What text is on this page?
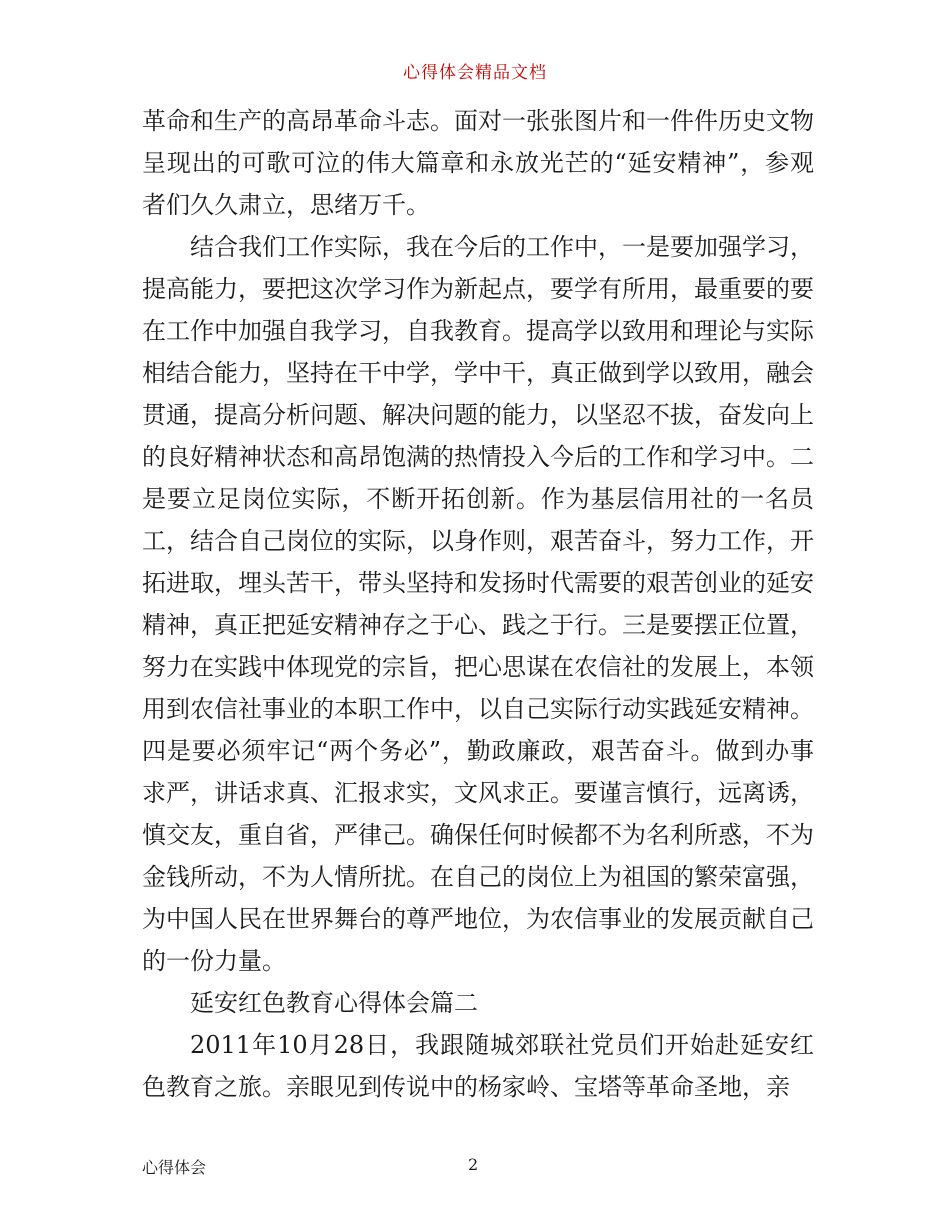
心得体会精品文档

革命和生产的高昂革命斗志。面对一张张图片和一件件历史文物呈现出的可歌可泣的伟大篇章和永放光芒的“延安精神”，参观者们久久肃立，思绪万千。

结合我们工作实际，我在今后的工作中，一是要加强学习，提高能力，要把这次学习作为新起点，要学有所用，最重要的要在工作中加强自我学习，自我教育。提高学以致用和理论与实际相结合能力，坚持在干中学，学中干，真正做到学以致用，融会贯通，提高分析问题、解决问题的能力，以坚忍不拔，奋发向上的良好精神状态和高昂饱满的热情投入今后的工作和学习中。二是要立足岗位实际，不断开拓创新。作为基层信用社的一名员工，结合自己岗位的实际，以身作则，艰苦奋斗，努力工作，开拓进取，埋头苦干，带头坚持和发扬时代需要的艰苦创业的延安精神，真正把延安精神存之于心、践之于行。三是要摆正位置，努力在实践中体现党的宗旨，把心思谋在农信社的发展上，本领用到农信社事业的本职工作中，以自己实际行动实践延安精神。四是要必须牢记“两个务必”，勤政廉政，艰苦奋斗。做到办事求严，讲话求真、汇报求实，文风求正。要谨言慎行，远离诱，慎交友，重自省，严律己。确保任何时候都不为名利所惑，不为金钱所动，不为人情所扰。在自己的岗位上为祖国的繁荣富强，为中国人民在世界舞台的尊严地位，为农信事业的发展贡献自己的一份力量。

延安红色教育心得体会篇二

2011年10月28日，我跟随城郊联社党员们开始赴延安红色教育之旅。亲眼见到传说中的杨家岭、宝塔等革命圣地，亲

心得体会	2
